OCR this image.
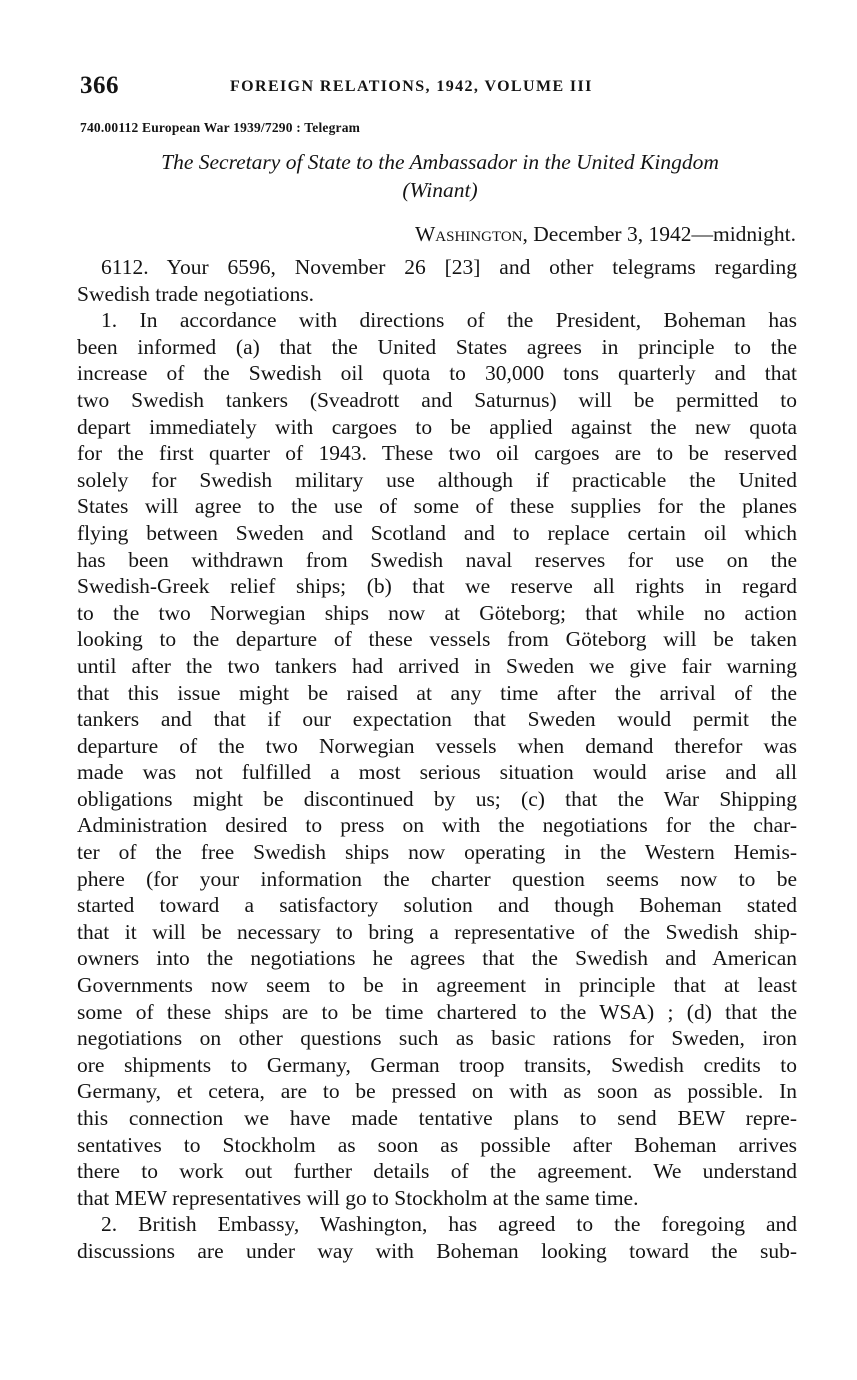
366	FOREIGN RELATIONS, 1942, VOLUME III
740.00112 European War 1939/7290 : Telegram
The Secretary of State to the Ambassador in the United Kingdom
(Winant)
Washington, December 3, 1942—midnight.

6112. Your 6596, November 26 [23] and other telegrams regarding

Swedish trade negotiations.

1. In accordance with directions of the President, Boheman has

been informed (a) that the United States agrees in principle to the

increase of the Swedish oil quota to 30,000 tons quarterly and that

two Swedish tankers (Sveadrott and Saturnus) will be permitted to

depart immediately with cargoes to be applied against the new quota

for the first quarter of 1943. These two oil cargoes are to be reserved

solely for Swedish military use although if practicable the United

States will agree to the use of some of these supplies for the planes

flying between Sweden and Scotland and to replace certain oil which

has been withdrawn from Swedish naval reserves for use on the

Swedish-Greek relief ships; (b) that we reserve all rights in regard

to the two Norwegian ships now at Göteborg; that while no action

looking to the departure of these vessels from Göteborg will be taken

until after the two tankers had arrived in Sweden we give fair warning

that this issue might be raised at any time after the arrival of the

tankers and that if our expectation that Sweden would permit the

departure of the two Norwegian vessels when demand therefor was

made was not fulfilled a most serious situation would arise and all

obligations might be discontinued by us; (c) that the War Shipping

Administration desired to press on with the negotiations for the char-

ter of the free Swedish ships now operating in the Western Hemis-

phere (for your information the charter question seems now to be

started toward a satisfactory solution and though Boheman stated

that it will be necessary to bring a representative of the Swedish ship-

owners into the negotiations he agrees that the Swedish and American

Governments now seem to be in agreement in principle that at least

some of these ships are to be time chartered to the WSA) ; (d) that the

negotiations on other questions such as basic rations for Sweden, iron

ore shipments to Germany, German troop transits, Swedish credits to

Germany, et cetera, are to be pressed on with as soon as possible. In

this connection we have made tentative plans to send BEW repre-

sentatives to Stockholm as soon as possible after Boheman arrives

there to work out further details of the agreement. We understand

that MEW representatives will go to Stockholm at the same time.

2. British Embassy, Washington, has agreed to the foregoing and

discussions are under way with Boheman looking toward the sub-
